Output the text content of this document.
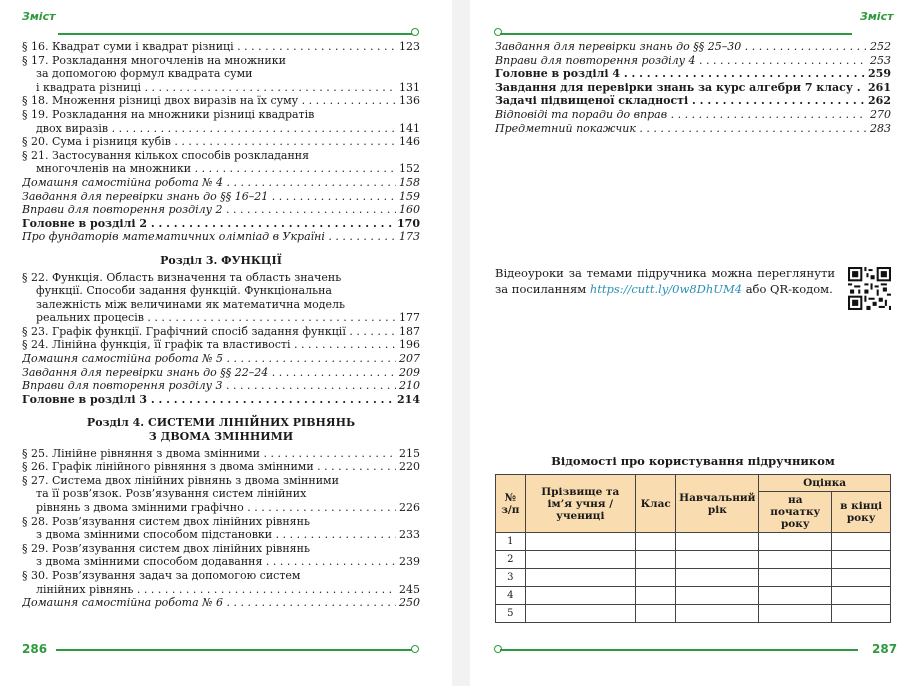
Зміст
§ 16. Квадрат суми і квадрат різниці . . .	123
§ 17. Розкладання многочленів на множники
за допомогою формул квадрата суми
і квадрата різниці . . .	131
§ 18. Множення різниці двох виразів на їх суму . . .	136
§ 19. Розкладання на множники різниці квадратів
двох виразів . . .	141
§ 20. Сума і різниця кубів . . .	146
§ 21. Застосування кількох способів розкладання
многочленів на множники . . .	152
Домашня самостійна робота № 4 . . .	158
Завдання для перевірки знань до §§ 16–21 . . .	159
Вправи для повторення розділу 2 . . .	160
Головне в розділі 2 . . .	170
Про фундаторів математичних олімпіад в Україні . . .	173
Розділ 3. ФУНКЦІЇ
§ 22. Функція. Область визначення та область значень
функції. Способи задання функцій. Функціональна
залежність між величинами як математична модель
реальних процесів . . .	177
§ 23. Графік функції. Графічний спосіб задання функції . . .	187
§ 24. Лінійна функція, її графік та властивості . . .	196
Домашня самостійна робота № 5 . . .	207
Завдання для перевірки знань до §§ 22–24 . . .	209
Вправи для повторення розділу 3 . . .	210
Головне в розділі 3 . . .	214
Розділ 4. СИСТЕМИ ЛІНІЙНИХ РІВНЯНЬ
З ДВОМА ЗМІННИМИ
§ 25. Лінійне рівняння з двома змінними . . .	215
§ 26. Графік лінійного рівняння з двома змінними . . .	220
§ 27. Система двох лінійних рівнянь з двома змінними
та її розв’язок. Розв’язування систем лінійних
рівнянь з двома змінними графічно . . .	226
§ 28. Розв’язування систем двох лінійних рівнянь
з двома змінними способом підстановки . . .	233
§ 29. Розв’язування систем двох лінійних рівнянь
з двома змінними способом додавання . . .	239
§ 30. Розв’язування задач за допомогою систем
лінійних рівнянь . . .	245
Домашня самостійна робота № 6 . . .	250
286
Зміст
Завдання для перевірки знань до §§ 25–30 . . .	252
Вправи для повторення розділу 4 . . .	253
Головне в розділі 4 . . .	259
Завдання для перевірки знань за курс алгебри 7 класу . . .	261
Задачі підвищеної складності . . .	262
Відповіді та поради до вправ . . .	270
Предметний покажчик . . .	283
Відеоуроки за темами підручника можна переглянути за посиланням https://cutt.ly/0w8DhUM4 або QR-кодом.
Відомості про користування підручником
№ з/п	Прізвище та ім’я учня / учениці	Клас	Навчальний рік	Оцінка	
				на початку року	в кінці року
1					
2					
3					
4					
5					
287
